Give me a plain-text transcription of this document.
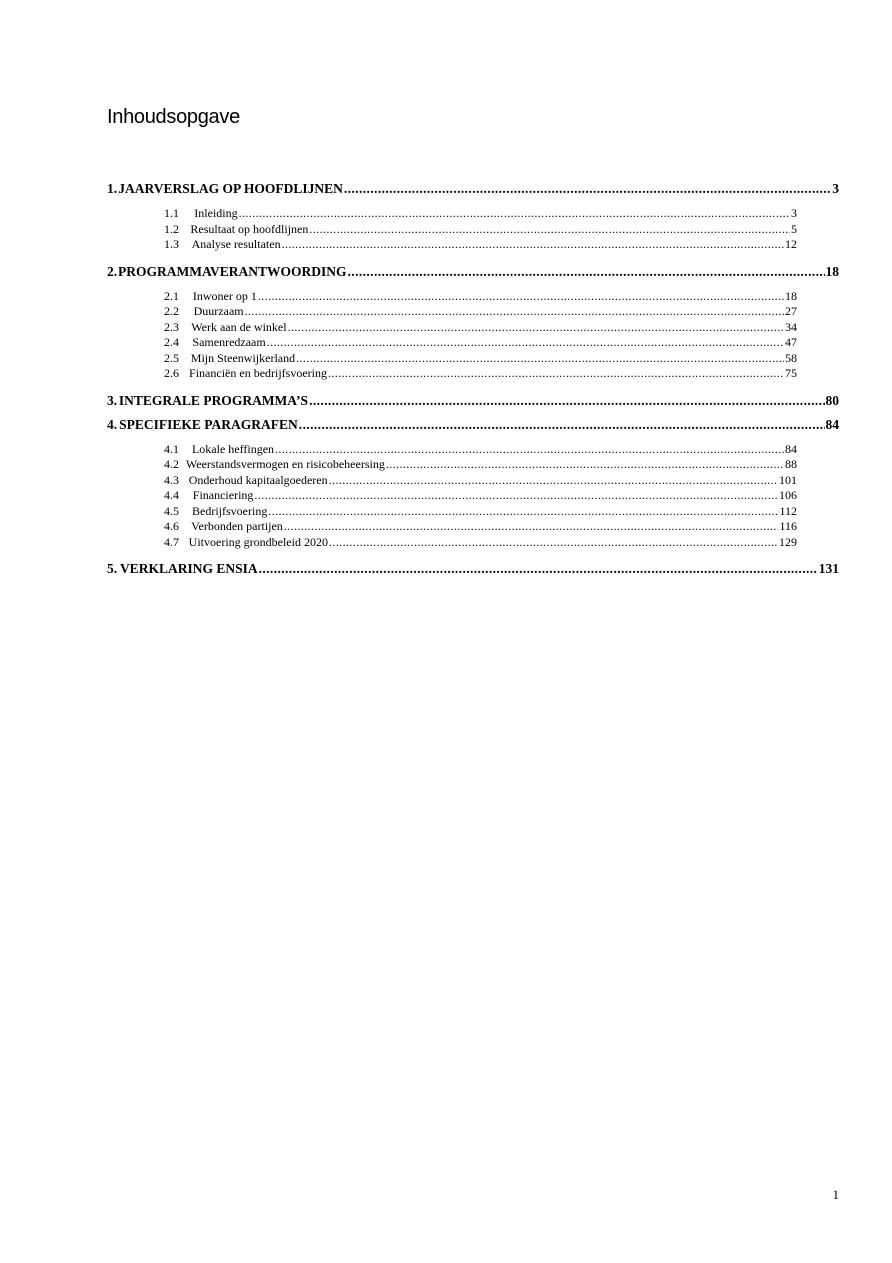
Inhoudsopgave
1. JAARVERSLAG OP HOOFDLIJNEN .....	3
1.1	Inleiding .....	3
1.2 Resultaat op hoofdlijnen .....	5
1.3	Analyse resultaten .....	12
2. PROGRAMMAVERANTWOORDING .....	18
2.1	Inwoner op 1 .....	18
2.2	Duurzaam .....	27
2.3	Werk aan de winkel .....	34
2.4	Samenredzaam .....	47
2.5 Mijn Steenwijkerland .....	58
2.6 Financiën en bedrijfsvoering .....	75
3. INTEGRALE PROGRAMMA’S .....	80
4. SPECIFIEKE PARAGRAFEN .....	84
4.1	Lokale heffingen .....	84
4.2 Weerstandsvermogen en risicobeheersing .....	88
4.3 Onderhoud kapitaalgoederen .....	101
4.4	Financiering .....	106
4.5	Bedrijfsvoering .....	112
4.6	Verbonden partijen .....	116
4.7 Uitvoering grondbeleid 2020 .....	129
5. VERKLARING ENSIA .....	131
1
